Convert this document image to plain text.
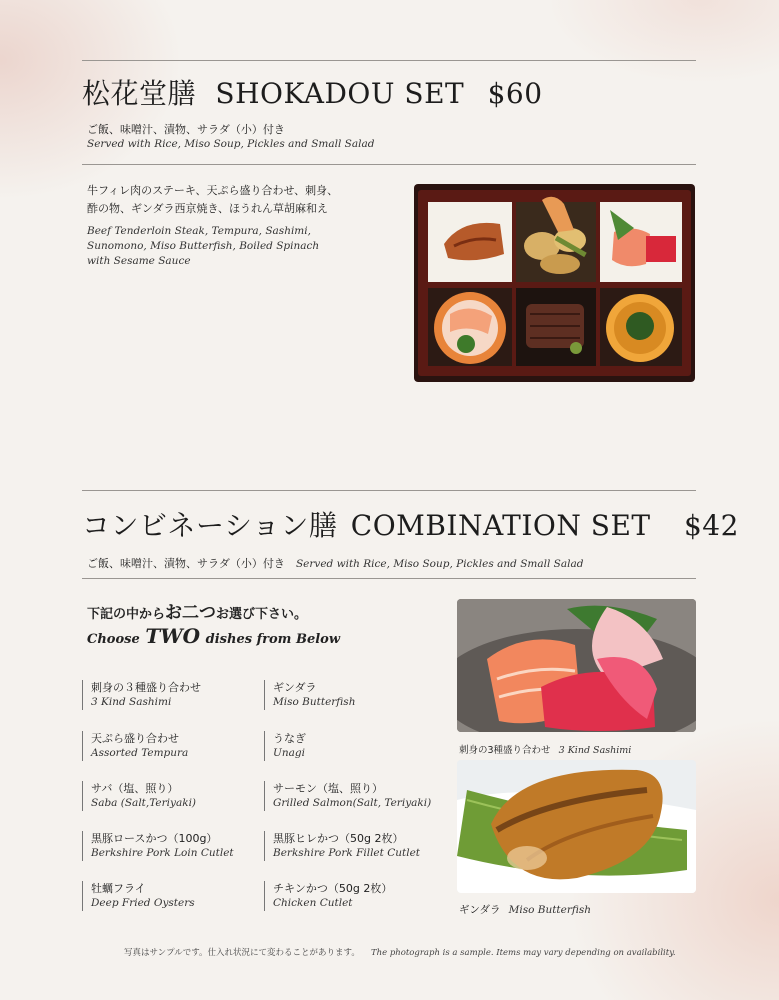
松花堂膳 SHOKADOU SET $60
ご飯、味噌汁、漬物、サラダ（小）付き
Served with Rice, Miso Soup, Pickles and Small Salad
牛フィレ肉のステーキ、天ぷら盛り合わせ、刺身、
酢の物、ギンダラ西京焼き、ほうれん草胡麻和え
Beef Tenderloin Steak, Tempura, Sashimi,
Sunomono, Miso Butterfish, Boiled Spinach
with Sesame Sauce
コンビネーション膳 COMBINATION SET $42
ご飯、味噌汁、漬物、サラダ（小）付き Served with Rice, Miso Soup, Pickles and Small Salad
下記の中からお二つお選び下さい。
Choose TWO dishes from Below
刺身の３種盛り合わせ
3 Kind Sashimi
天ぷら盛り合わせ
Assorted Tempura
サバ（塩、照り）
Saba (Salt,Teriyaki)
黒豚ロースかつ（100g）
Berkshire Pork Loin Cutlet
牡蠣フライ
Deep Fried Oysters
ギンダラ
Miso Butterfish
うなぎ
Unagi
サーモン（塩、照り）
Grilled Salmon(Salt, Teriyaki)
黒豚ヒレかつ（50g 2枚）
Berkshire Pork Fillet Cutlet
チキンかつ（50g 2枚）
Chicken Cutlet
刺身の3種盛り合わせ 3 Kind Sashimi
ギンダラ Miso Butterfish
写真はサンプルです。仕入れ状況にて変わることがあります。 The photograph is a sample. Items may vary depending on availability.
